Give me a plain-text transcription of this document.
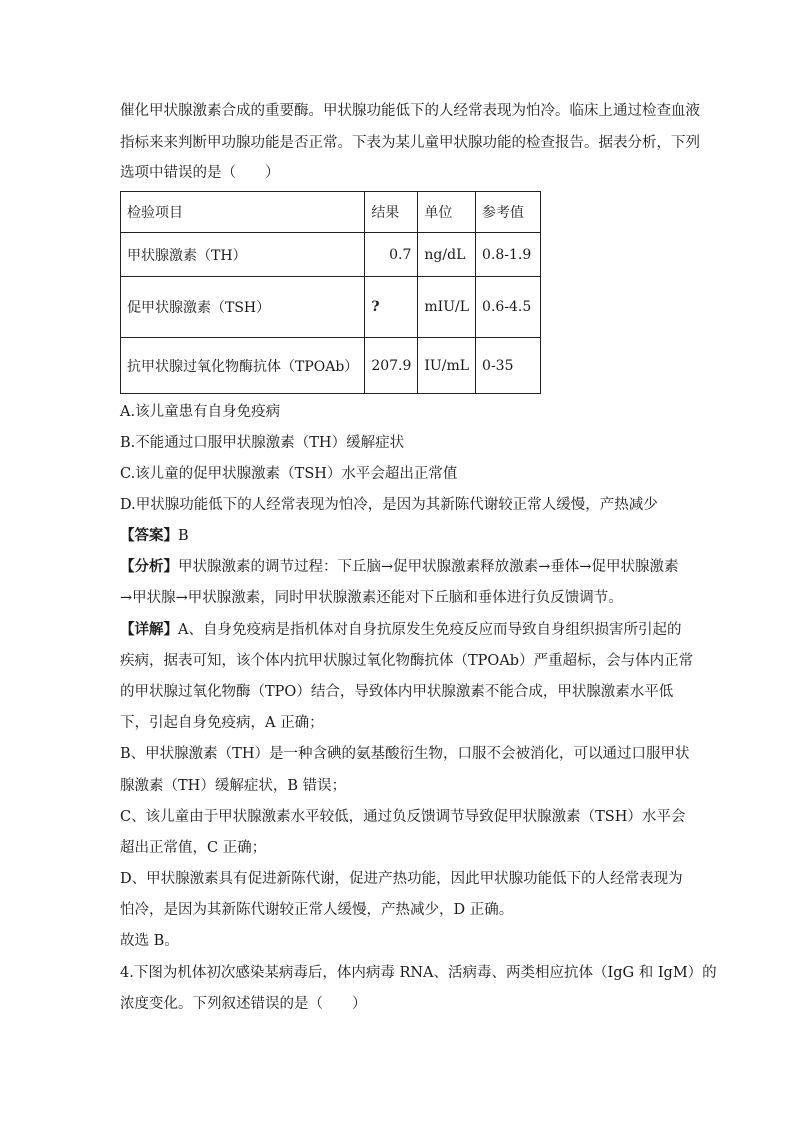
催化甲状腺激素合成的重要酶。甲状腺功能低下的人经常表现为怕冷。临床上通过检查血液
指标来来判断甲功腺功能是否正常。下表为某儿童甲状腺功能的检查报告。据表分析，下列
选项中错误的是（　　）
检验项目	结果	单位	参考值
甲状腺激素（TH）	0.7	ng/dL	0.8-1.9
促甲状腺激素（TSH）	?	mIU/L	0.6-4.5
抗甲状腺过氧化物酶抗体（TPOAb）	207.9	IU/mL	0-35
A.该儿童患有自身免疫病
B.不能通过口服甲状腺激素（TH）缓解症状
C.该儿童的促甲状腺激素（TSH）水平会超出正常值
D.甲状腺功能低下的人经常表现为怕冷，是因为其新陈代谢较正常人缓慢，产热减少
【答案】B
【分析】甲状腺激素的调节过程：下丘脑→促甲状腺激素释放激素→垂体→促甲状腺激素
→甲状腺→甲状腺激素，同时甲状腺激素还能对下丘脑和垂体进行负反馈调节。
【详解】A、自身免疫病是指机体对自身抗原发生免疫反应而导致自身组织损害所引起的
疾病，据表可知，该个体内抗甲状腺过氧化物酶抗体（TPOAb）严重超标，会与体内正常
的甲状腺过氧化物酶（TPO）结合，导致体内甲状腺激素不能合成，甲状腺激素水平低
下，引起自身免疫病，A 正确；
B、甲状腺激素（TH）是一种含碘的氨基酸衍生物，口服不会被消化，可以通过口服甲状
腺激素（TH）缓解症状，B 错误；
C、该儿童由于甲状腺激素水平较低，通过负反馈调节导致促甲状腺激素（TSH）水平会
超出正常值，C 正确；
D、甲状腺激素具有促进新陈代谢，促进产热功能，因此甲状腺功能低下的人经常表现为
怕冷，是因为其新陈代谢较正常人缓慢，产热减少，D 正确。
故选 B。
4.下图为机体初次感染某病毒后，体内病毒 RNA、活病毒、两类相应抗体（IgG 和 IgM）的
浓度变化。下列叙述错误的是（　　）
